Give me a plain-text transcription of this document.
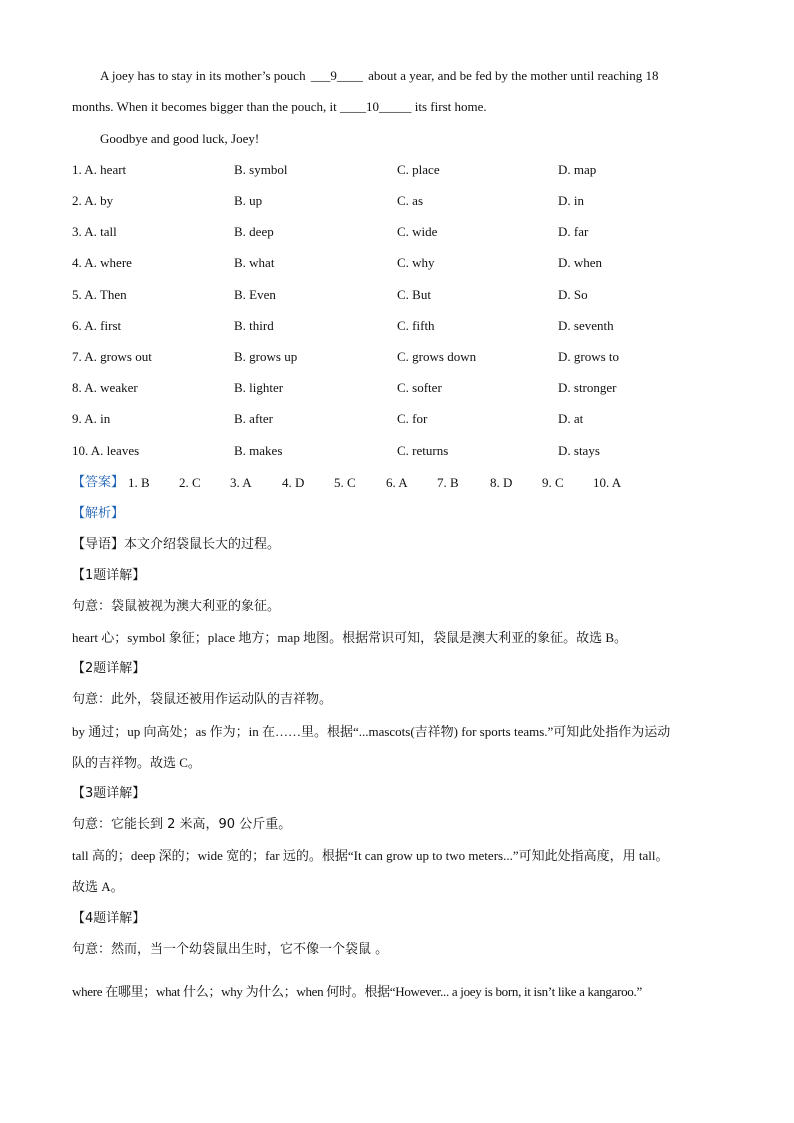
A joey has to stay in its mother’s pouch ___9____ about a year, and be fed by the mother until reaching 18
months. When it becomes bigger than the pouch, it ____10_____ its first home.
Goodbye and good luck, Joey!
1. A. heart	B. symbol	C. place	D. map
2. A. by	B. up	C. as	D. in
3. A. tall	B. deep	C. wide	D. far
4. A. where	B. what	C. why	D. when
5. A. Then	B. Even	C. But	D. So
6. A. first	B. third	C. fifth	D. seventh
7. A. grows out	B. grows up	C. grows down	D. grows to
8. A. weaker	B. lighter	C. softer	D. stronger
9. A. in	B. after	C. for	D. at
10. A. leaves	B. makes	C. returns	D. stays
【答案】 1. B 2. C 3. A 4. D 5. C 6. A 7. B 8. D 9. C 10. A
【解析】
【导语】本文介绍袋鼠长大的过程。
【1题详解】
句意：袋鼠被视为澳大利亚的象征。
heart 心；symbol 象征；place 地方；map 地图。根据常识可知，袋鼠是澳大利亚的象征。故选 B。
【2题详解】
句意：此外，袋鼠还被用作运动队的吉祥物。
by 通过；up 向高处；as 作为；in 在……里。根据“...mascots(吉祥物) for sports teams.”可知此处指作为运动
队的吉祥物。故选 C。
【3题详解】
句意：它能长到 2 米高，90 公斤重。
tall 高的；deep 深的；wide 宽的；far 远的。根据“It can grow up to two meters...”可知此处指高度，用 tall。
故选 A。
【4题详解】
句意：然而，当一个幼袋鼠出生时，它不像一个袋鼠 。
where 在哪里；what 什么；why 为什么；when 何时。根据“However... a joey is born, it isn’t like a kangaroo.”
